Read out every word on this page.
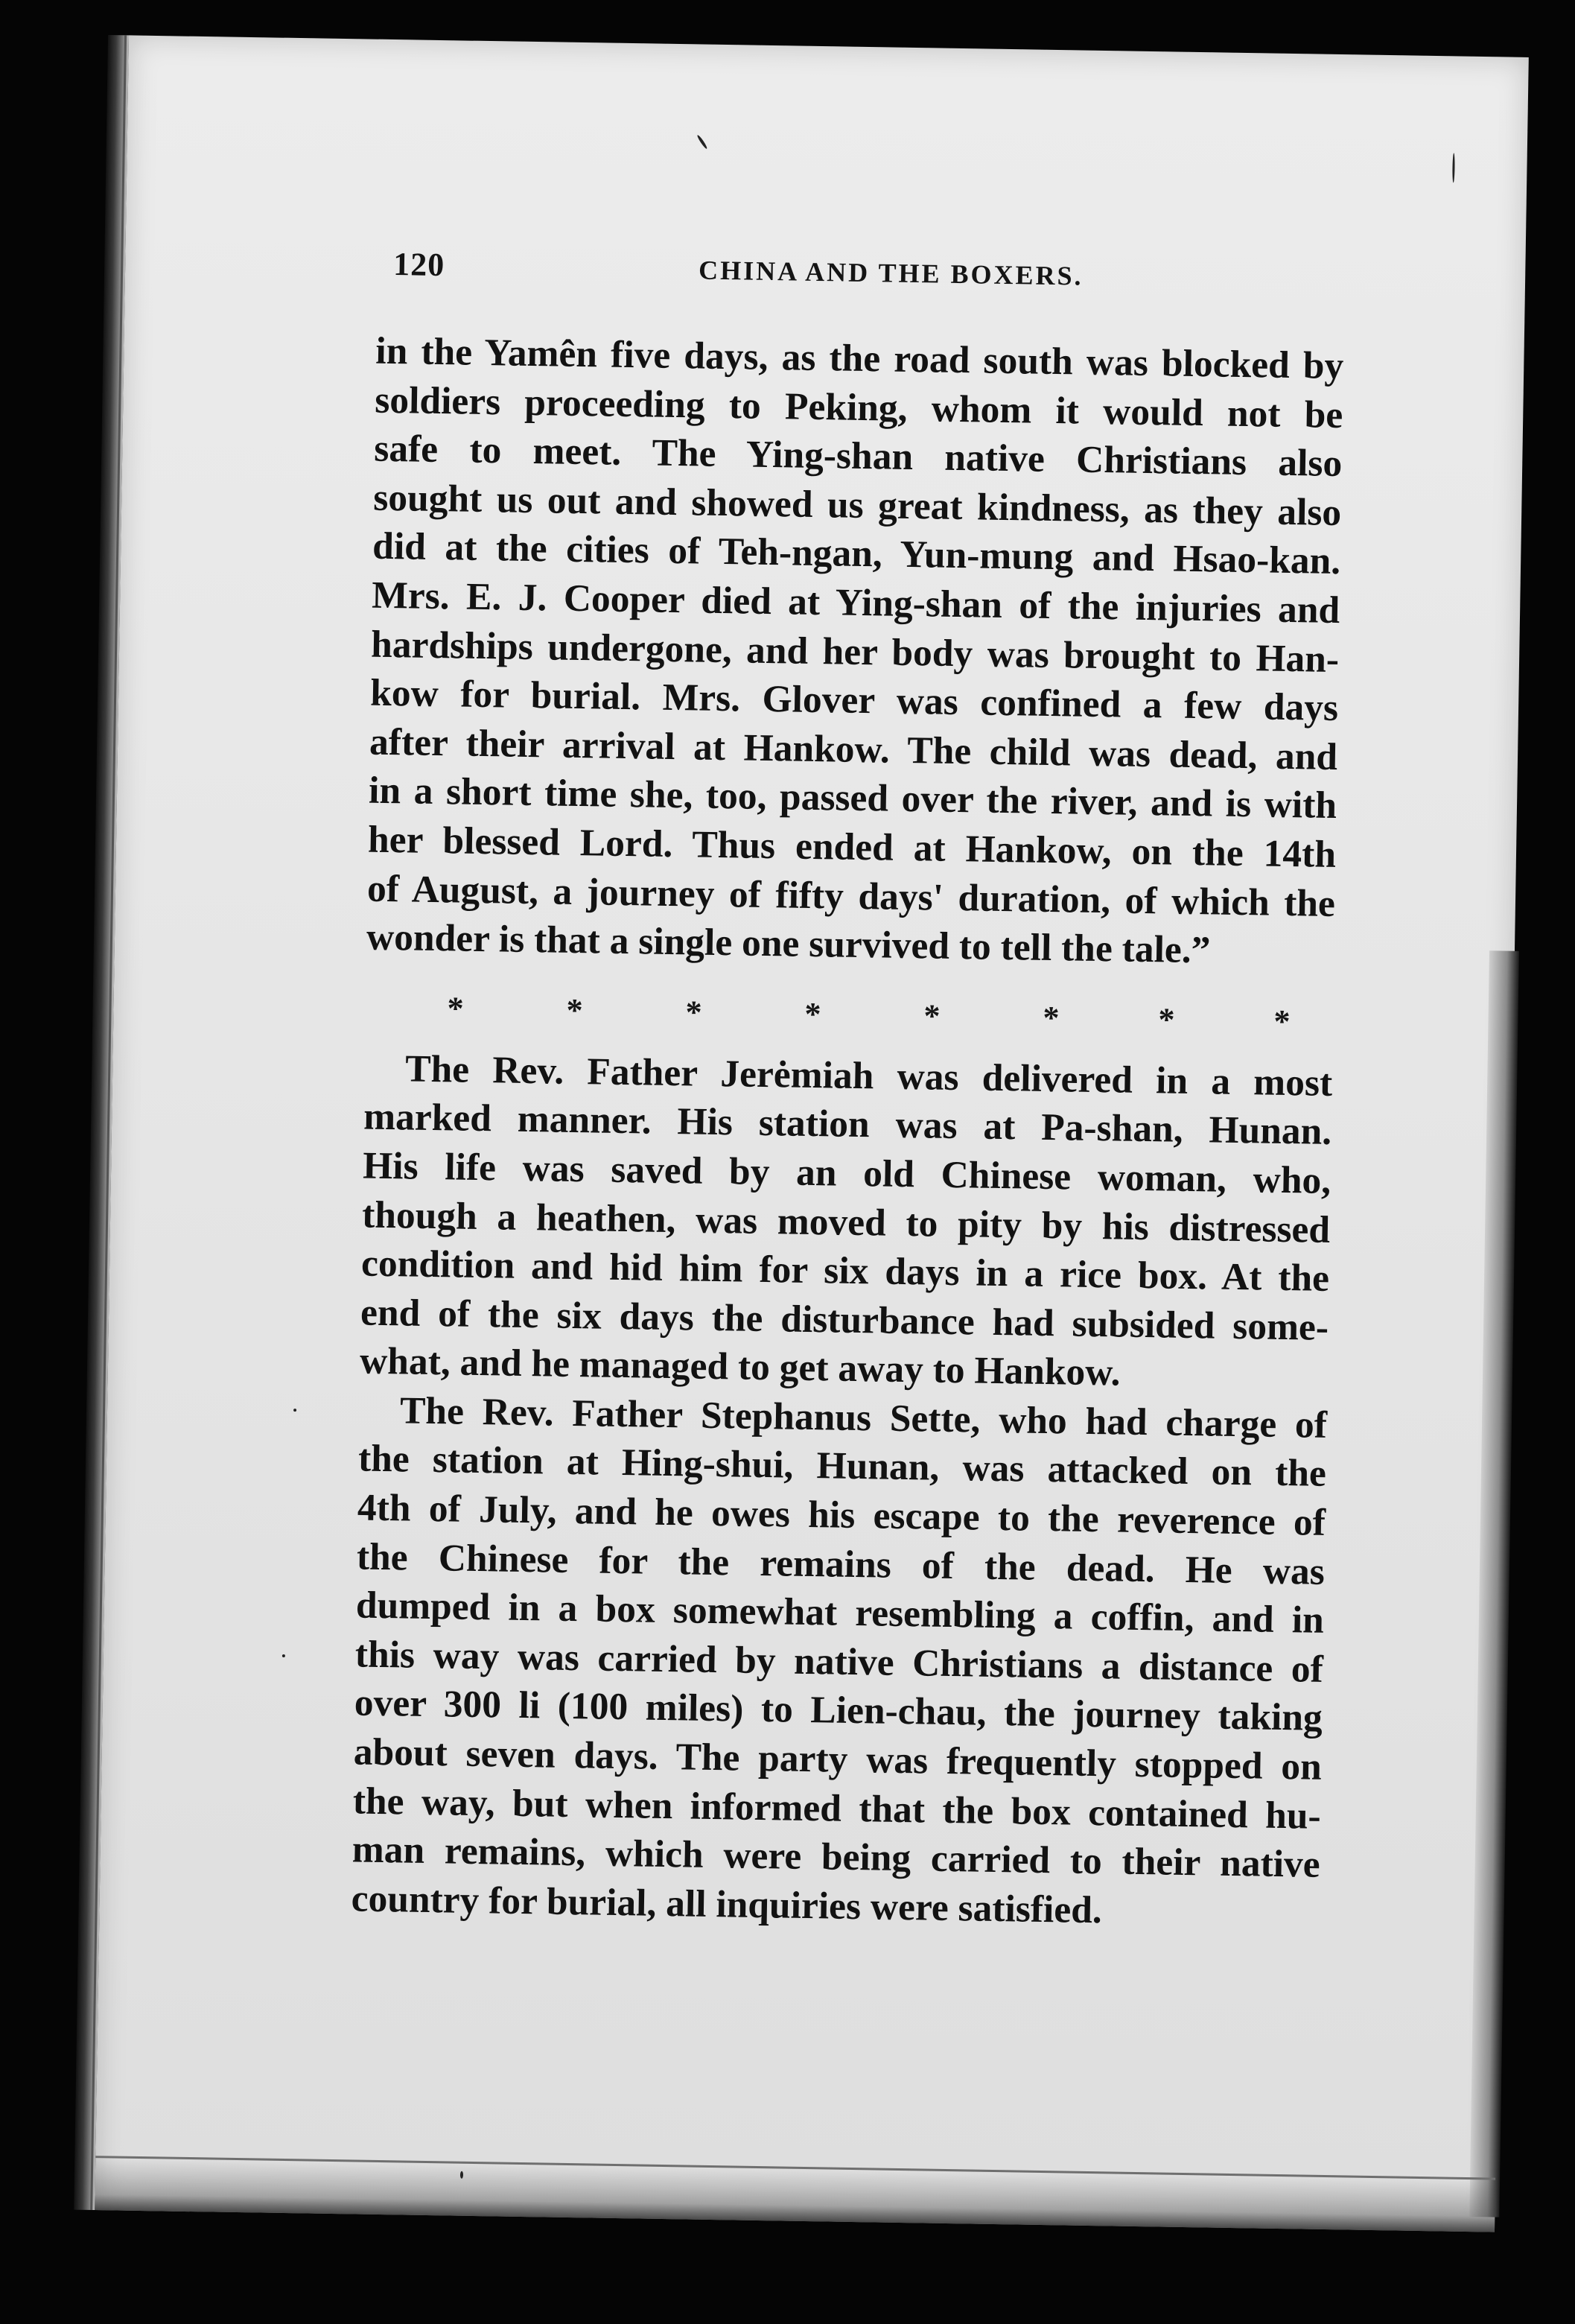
120	CHINA AND THE BOXERS.
in the Yamên five days, as the road south was blocked by
soldiers proceeding to Peking, whom it would not be
safe to meet. The Ying-shan native Christians also
sought us out and showed us great kindness, as they also
did at the cities of Teh-ngan, Yun-mung and Hsao-kan.
Mrs. E. J. Cooper died at Ying-shan of the injuries and
hardships undergone, and her body was brought to Han-
kow for burial. Mrs. Glover was confined a few days
after their arrival at Hankow. The child was dead, and
in a short time she, too, passed over the river, and is with
her blessed Lord. Thus ended at Hankow, on the 14th
of August, a journey of fifty days' duration, of which the
wonder is that a single one survived to tell the tale.”
*	*	*	*	*	*	*	*
The Rev. Father Jerėmiah was delivered in a most
marked manner. His station was at Pa-shan, Hunan.
His life was saved by an old Chinese woman, who,
though a heathen, was moved to pity by his distressed
condition and hid him for six days in a rice box. At the
end of the six days the disturbance had subsided some-
what, and he managed to get away to Hankow.
The Rev. Father Stephanus Sette, who had charge of
the station at Hing-shui, Hunan, was attacked on the
4th of July, and he owes his escape to the reverence of
the Chinese for the remains of the dead. He was
dumped in a box somewhat resembling a coffin, and in
this way was carried by native Christians a distance of
over 300 li (100 miles) to Lien-chau, the journey taking
about seven days. The party was frequently stopped on
the way, but when informed that the box contained hu-
man remains, which were being carried to their native
country for burial, all inquiries were satisfied.
